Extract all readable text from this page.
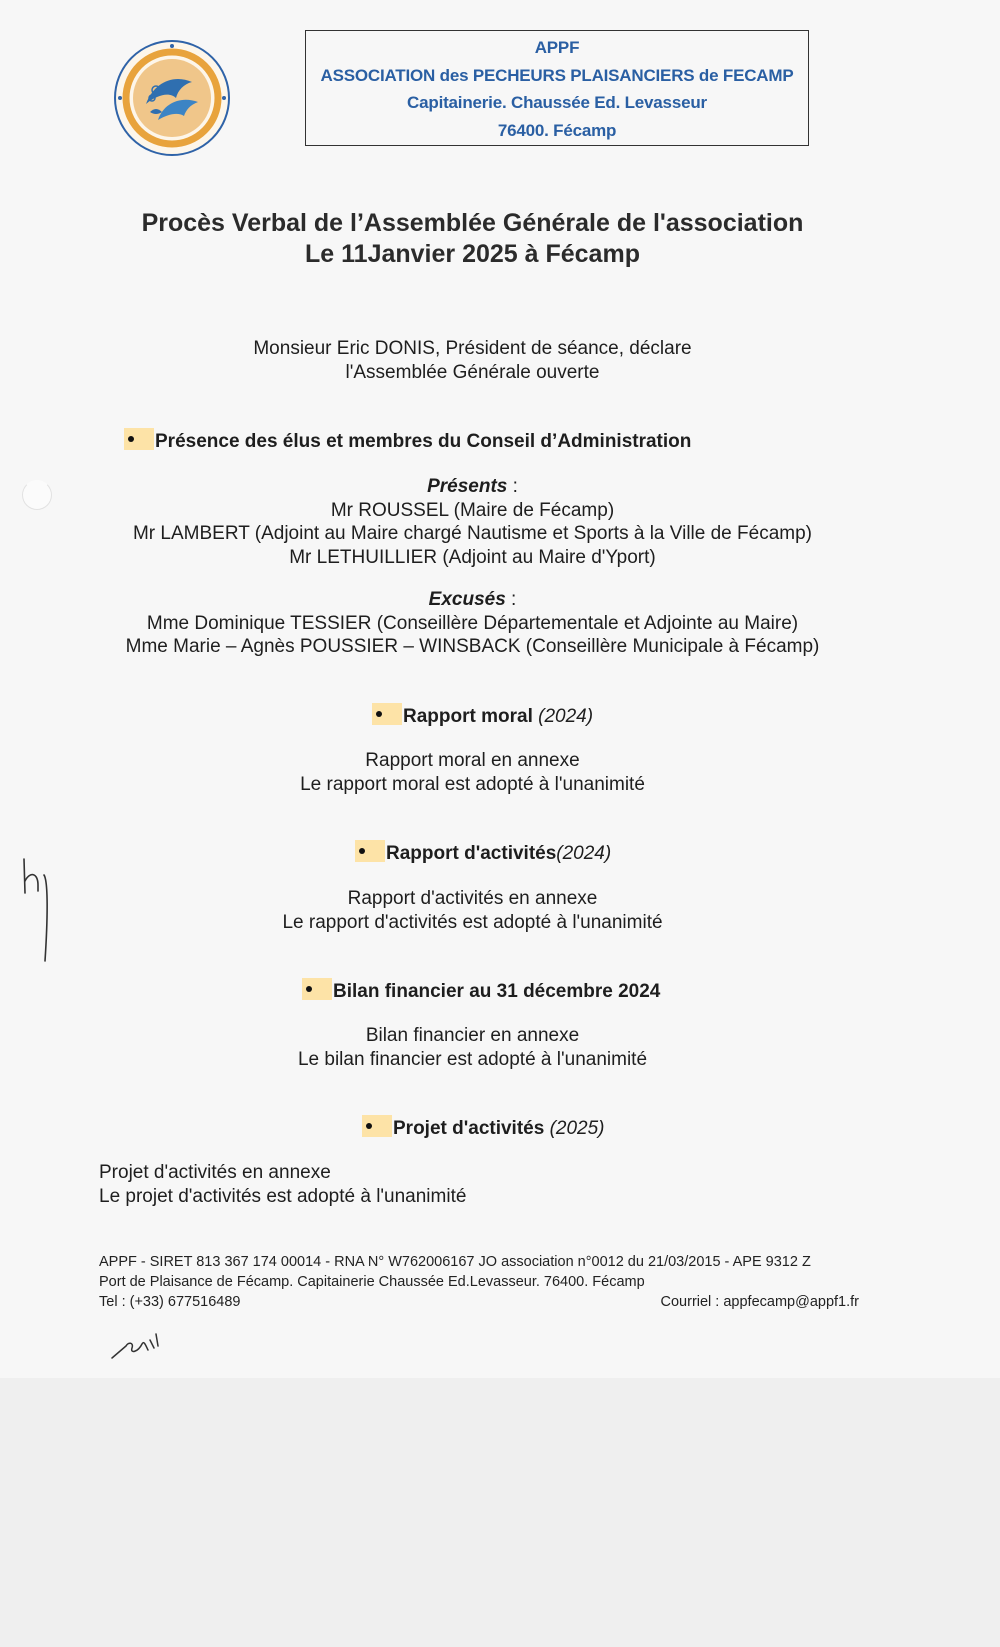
APPF
ASSOCIATION des PECHEURS PLAISANCIERS de FECAMP
Capitainerie. Chaussée Ed. Levasseur
76400. Fécamp
Procès Verbal de l’Assemblée Générale de l'association
Le 11Janvier 2025 à Fécamp
Monsieur Eric DONIS, Président de séance, déclare
l'Assemblée Générale ouverte
Présence des élus et membres du Conseil d’Administration
Présents :
Mr ROUSSEL (Maire de Fécamp)
Mr LAMBERT (Adjoint au Maire chargé Nautisme et Sports à la Ville de Fécamp)
Mr LETHUILLIER (Adjoint au Maire d'Yport)
Excusés :
Mme Dominique TESSIER (Conseillère Départementale et Adjointe au Maire)
Mme Marie – Agnès POUSSIER – WINSBACK (Conseillère Municipale à Fécamp)
Rapport moral (2024)
Rapport moral en annexe
Le rapport moral est adopté à l'unanimité
Rapport d'activités(2024)
Rapport d'activités en annexe
Le rapport d'activités est adopté à l'unanimité
Bilan financier au 31 décembre 2024
Bilan financier en annexe
Le bilan financier est adopté à l'unanimité
Projet d'activités (2025)
Projet d'activités en annexe
Le projet d'activités est adopté à l'unanimité
APPF - SIRET 813 367 174 00014 - RNA N° W762006167 JO association n°0012 du 21/03/2015 - APE 9312 Z
Port de Plaisance de Fécamp. Capitainerie Chaussée Ed.Levasseur. 76400. Fécamp
Tel : (+33) 677516489	Courriel : appfecamp@appf1.fr
